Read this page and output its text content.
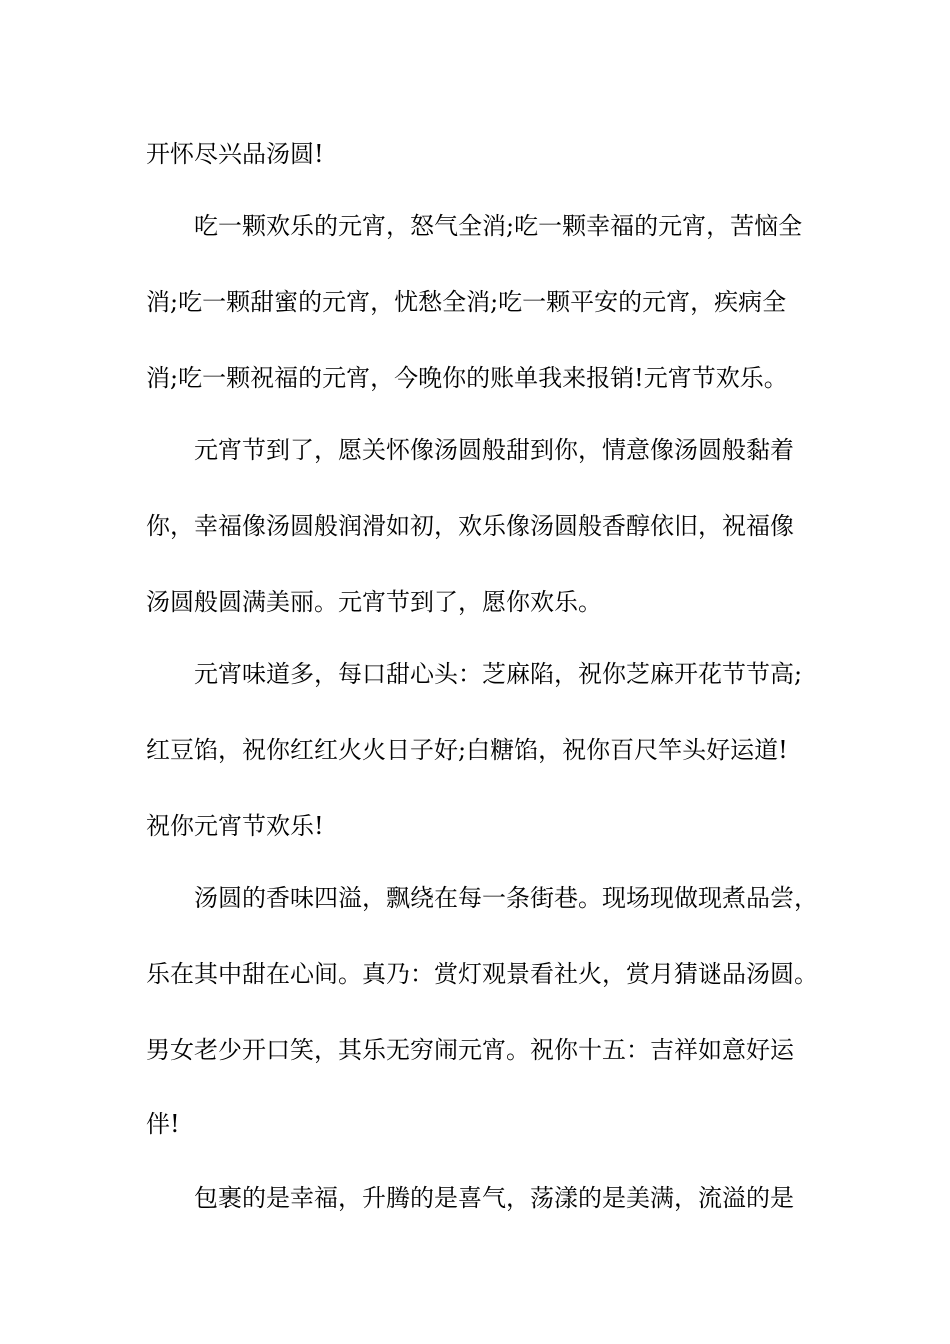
开怀尽兴品汤圆!
吃一颗欢乐的元宵，怒气全消;吃一颗幸福的元宵，苦恼全
消;吃一颗甜蜜的元宵，忧愁全消;吃一颗平安的元宵，疾病全
消;吃一颗祝福的元宵，今晚你的账单我来报销!元宵节欢乐。
元宵节到了，愿关怀像汤圆般甜到你，情意像汤圆般黏着
你，幸福像汤圆般润滑如初，欢乐像汤圆般香醇依旧，祝福像
汤圆般圆满美丽。元宵节到了，愿你欢乐。
元宵味道多，每口甜心头：芝麻陷，祝你芝麻开花节节高;
红豆馅，祝你红红火火日子好;白糖馅，祝你百尺竿头好运道!
祝你元宵节欢乐!
汤圆的香味四溢，飘绕在每一条街巷。现场现做现煮品尝，
乐在其中甜在心间。真乃：赏灯观景看社火，赏月猜谜品汤圆。
男女老少开口笑，其乐无穷闹元宵。祝你十五：吉祥如意好运
伴!
包裹的是幸福，升腾的是喜气，荡漾的是美满，流溢的是
